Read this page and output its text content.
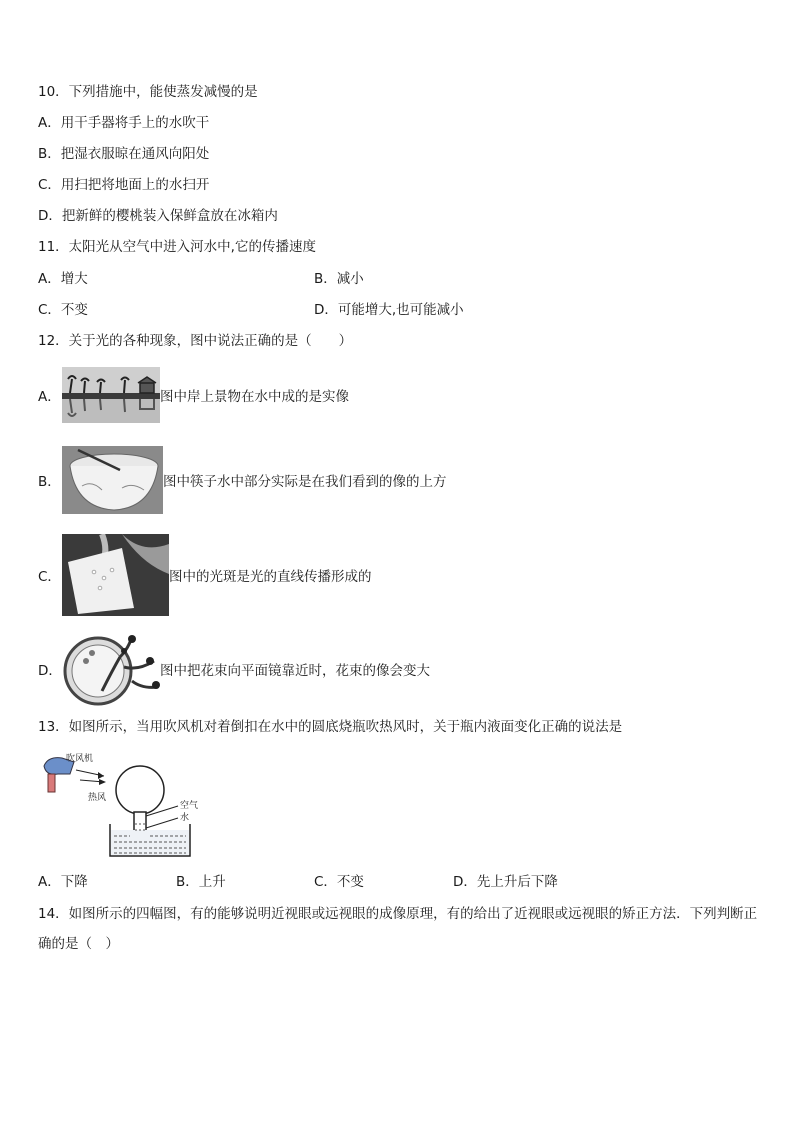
10．下列措施中，能使蒸发减慢的是
A．用干手器将手上的水吹干
B．把湿衣服晾在通风向阳处
C．用扫把将地面上的水扫开
D．把新鲜的樱桃装入保鲜盒放在冰箱内
11．太阳光从空气中进入河水中,它的传播速度
A．增大	B．减小
C．不变	D．可能增大,也可能减小
12．关于光的各种现象，图中说法正确的是（　　）
A．	图中岸上景物在水中成的是实像
B．	图中筷子水中部分实际是在我们看到的像的上方
C．	图中的光斑是光的直线传播形成的
D．	图中把花束向平面镜靠近时，花束的像会变大
13．如图所示，当用吹风机对着倒扣在水中的圆底烧瓶吹热风时，关于瓶内液面变化正确的说法是
吹风机
热风
空气
水
A．下降	B．上升	C．不变	D．先上升后下降
14．如图所示的四幅图，有的能够说明近视眼或远视眼的成像原理，有的给出了近视眼或远视眼的矫正方法．下列判断正确的是（　）
